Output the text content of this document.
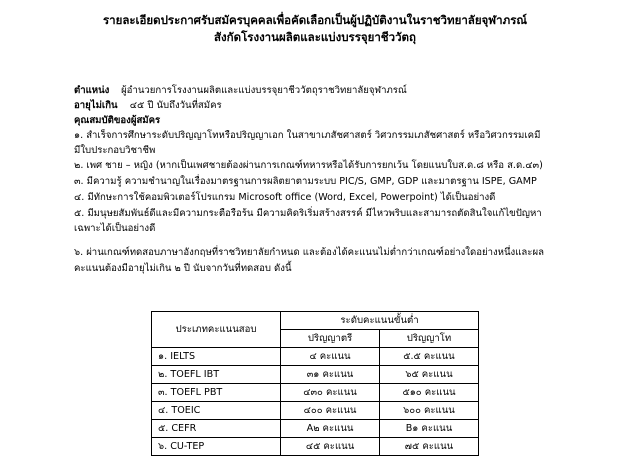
รายละเอียดประกาศรับสมัครบุคคลเพื่อคัดเลือกเป็นผู้ปฏิบัติงานในราชวิทยาลัยจุฬาภรณ์
สังกัดโรงงานผลิตและแบ่งบรรจุยาชีววัตถุ
ตำแหน่ง ผู้อำนวยการโรงงานผลิตและแบ่งบรรจุยาชีววัตถุราชวิทยาลัยจุฬาภรณ์
อายุไม่เกิน ๔๕ ปี นับถึงวันที่สมัคร
คุณสมบัติของผู้สมัคร
๑. สำเร็จการศึกษาระดับปริญญาโทหรือปริญญาเอก ในสาขาเภสัชศาสตร์ วิศวกรรมเภสัชศาสตร์ หรือวิศวกรรมเคมี
มีใบประกอบวิชาชีพ
๒. เพศ ชาย – หญิง (หากเป็นเพศชายต้องผ่านการเกณฑ์ทหารหรือได้รับการยกเว้น โดยแนบใบส.ด.๘ หรือ ส.ด.๔๓)
๓. มีความรู้ ความชำนาญในเรื่องมาตรฐานการผลิตยาตามระบบ PIC/S, GMP, GDP และมาตรฐาน ISPE, GAMP
๔. มีทักษะการใช้คอมพิวเตอร์โปรแกรม Microsoft office (Word, Excel, Powerpoint) ได้เป็นอย่างดี
๕. มีมนุษยสัมพันธ์ดีและมีความกระตือรือร้น มีความคิดริเริ่มสร้างสรรค์ มีไหวพริบและสามารถตัดสินใจแก้ไขปัญหา
เฉพาะได้เป็นอย่างดี
๖. ผ่านเกณฑ์ทดสอบภาษาอังกฤษที่ราชวิทยาลัยกำหนด และต้องได้คะแนนไม่ต่ำกว่าเกณฑ์อย่างใดอย่างหนึ่งและผล
คะแนนต้องมีอายุไม่เกิน ๒ ปี นับจากวันที่ทดสอบ ดังนี้
ประเภทคะแนนสอบ	ระดับคะแนนขั้นต่ำ	
	ปริญญาตรี	ปริญญาโท
๑. IELTS	๔ คะแนน	๕.๕ คะแนน
๒. TOEFL IBT	๓๑ คะแนน	๖๕ คะแนน
๓. TOEFL PBT	๔๓๐ คะแนน	๕๑๐ คะแนน
๔. TOEIC	๔๐๐ คะแนน	๖๐๐ คะแนน
๕. CEFR	A๒ คะแนน	B๑ คะแนน
๖. CU-TEP	๔๕ คะแนน	๗๕ คะแนน
